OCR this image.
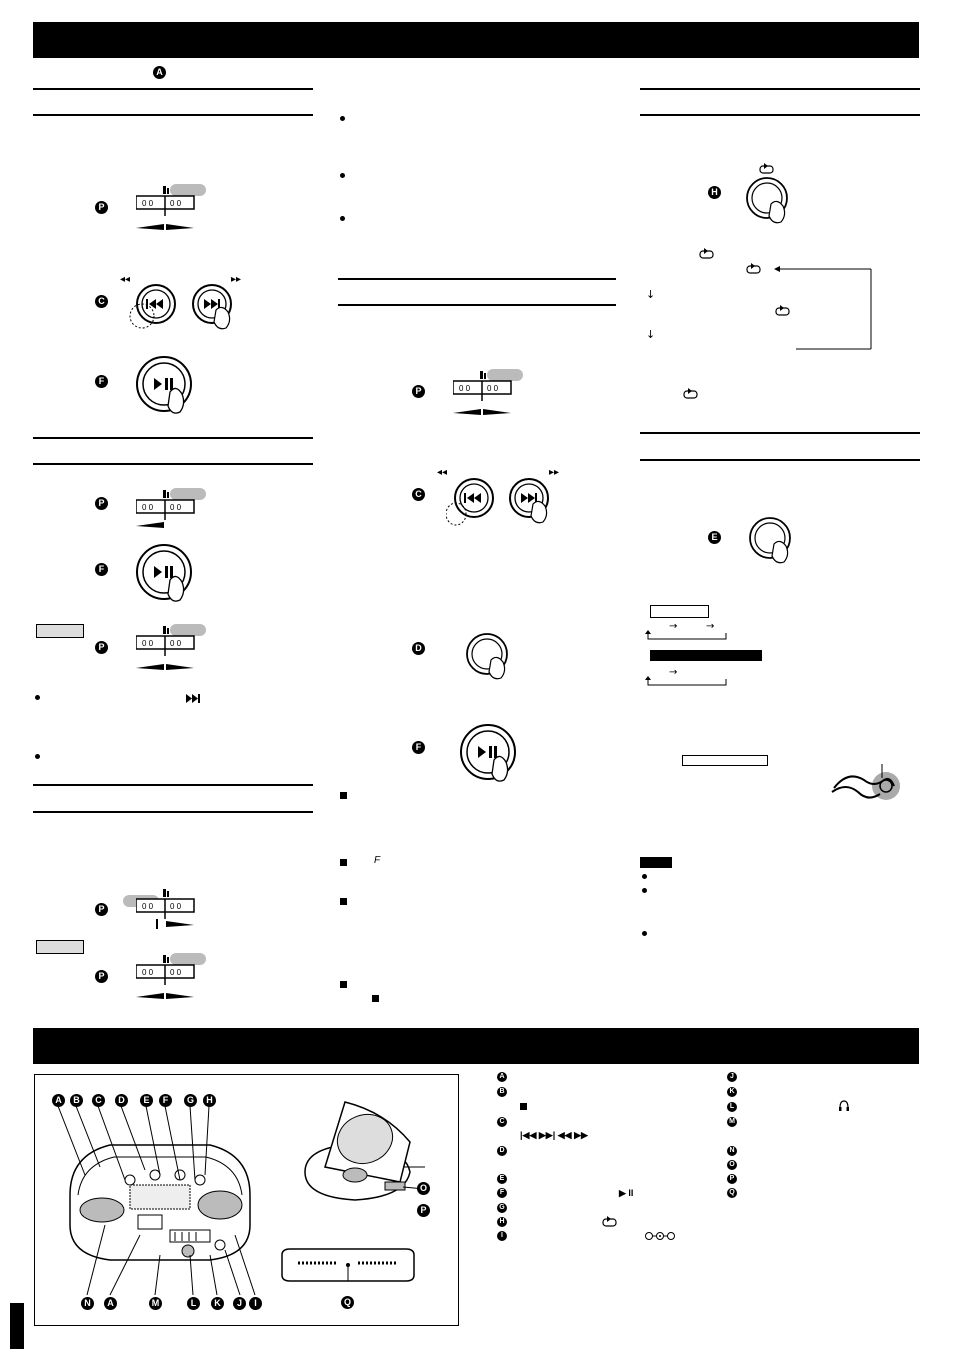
A
P
◂◂	▸▸
C
F
P
F
P
P
P
P
◂◂	▸▸
C
D
F
F
H
↓
↓
E
→	→
→
A	B	C	D	E	F	G	H
N	A	M	L	K	J	I
O
P
Q
A
B
C
|◀◀ ▶▶| ◀◀ ▶▶
D
E
F	▶ II
G
H
I
J
K
L
M
N
O
P
Q
